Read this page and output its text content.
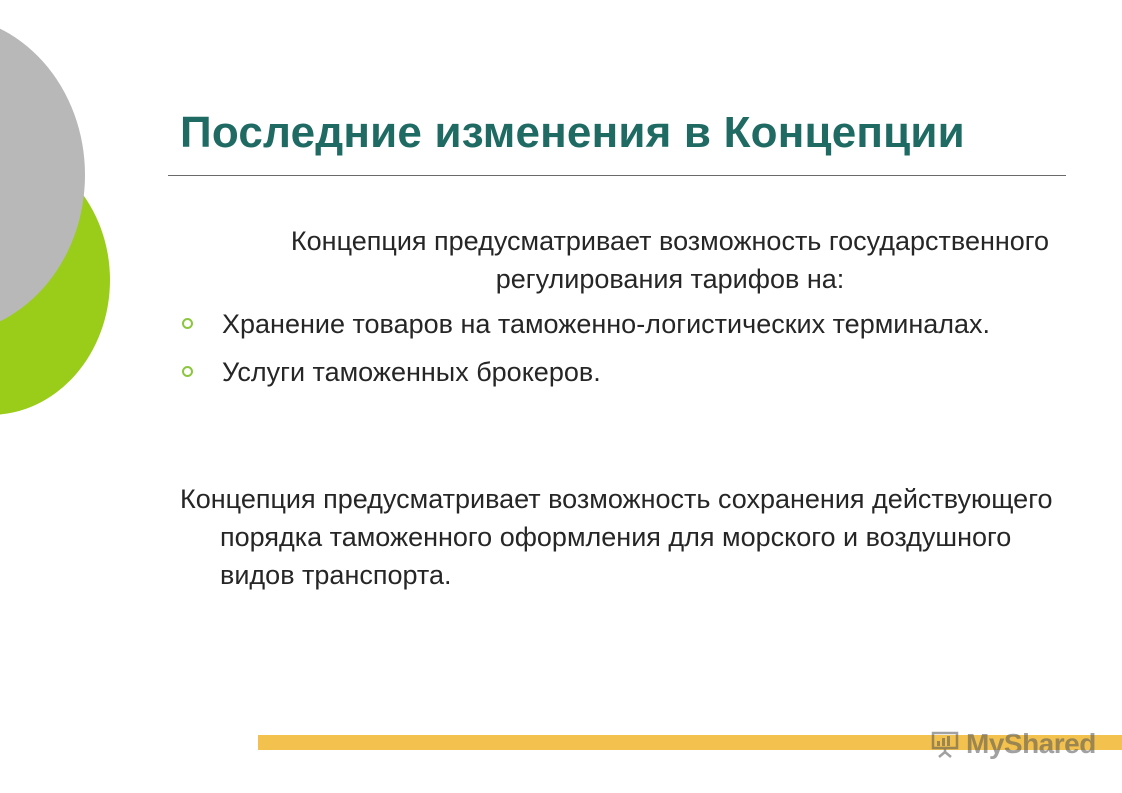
Последние изменения в Концепции

Концепция предусматривает возможность государственного регулирования тарифов на:

Хранение товаров на таможенно-логистических терминалах.
Услуги таможенных брокеров.

Концепция предусматривает возможность сохранения действующего порядка таможенного оформления для морского и воздушного видов транспорта.

MyShared
